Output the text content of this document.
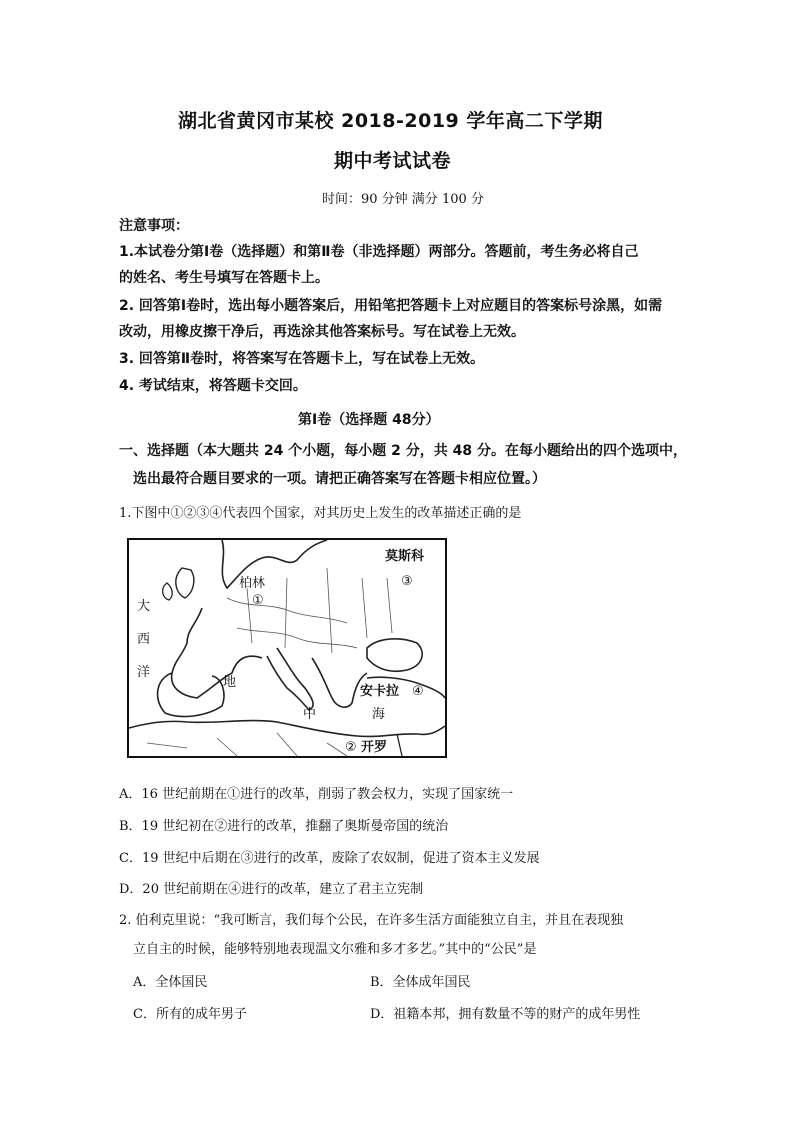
湖北省黄冈市某校 2018-2019 学年高二下学期
期中考试试卷
时间：90 分钟 满分 100 分
注意事项：
1.本试卷分第Ⅰ卷（选择题）和第Ⅱ卷（非选择题）两部分。答题前，考生务必将自己
的姓名、考生号填写在答题卡上。
2. 回答第Ⅰ卷时，选出每小题答案后，用铅笔把答题卡上对应题目的答案标号涂黑，如需
改动，用橡皮擦干净后，再选涂其他答案标号。写在试卷上无效。
3. 回答第Ⅱ卷时，将答案写在答题卡上，写在试卷上无效。
4. 考试结束，将答题卡交回。
第Ⅰ卷（选择题 48分）
一、选择题（本大题共 24 个小题，每小题 2 分，共 48 分。在每小题给出的四个选项中，
选出最符合题目要求的一项。请把正确答案写在答题卡相应位置。）
1.下图中①②③④代表四个国家，对其历史上发生的改革描述正确的是
莫斯科
③
柏林
①
大
西
洋
地
中	海
安卡拉 ④
② 开罗
A．16 世纪前期在①进行的改革，削弱了教会权力，实现了国家统一
B．19 世纪初在②进行的改革，推翻了奥斯曼帝国的统治
C．19 世纪中后期在③进行的改革，废除了农奴制，促进了资本主义发展
D．20 世纪前期在④进行的改革，建立了君主立宪制
2. 伯利克里说：“我可断言，我们每个公民，在许多生活方面能独立自主，并且在表现独
立自主的时候，能够特别地表现温文尔雅和多才多艺。”其中的“公民”是
A．全体国民	B．全体成年国民
C．所有的成年男子	D．祖籍本邦，拥有数量不等的财产的成年男性
